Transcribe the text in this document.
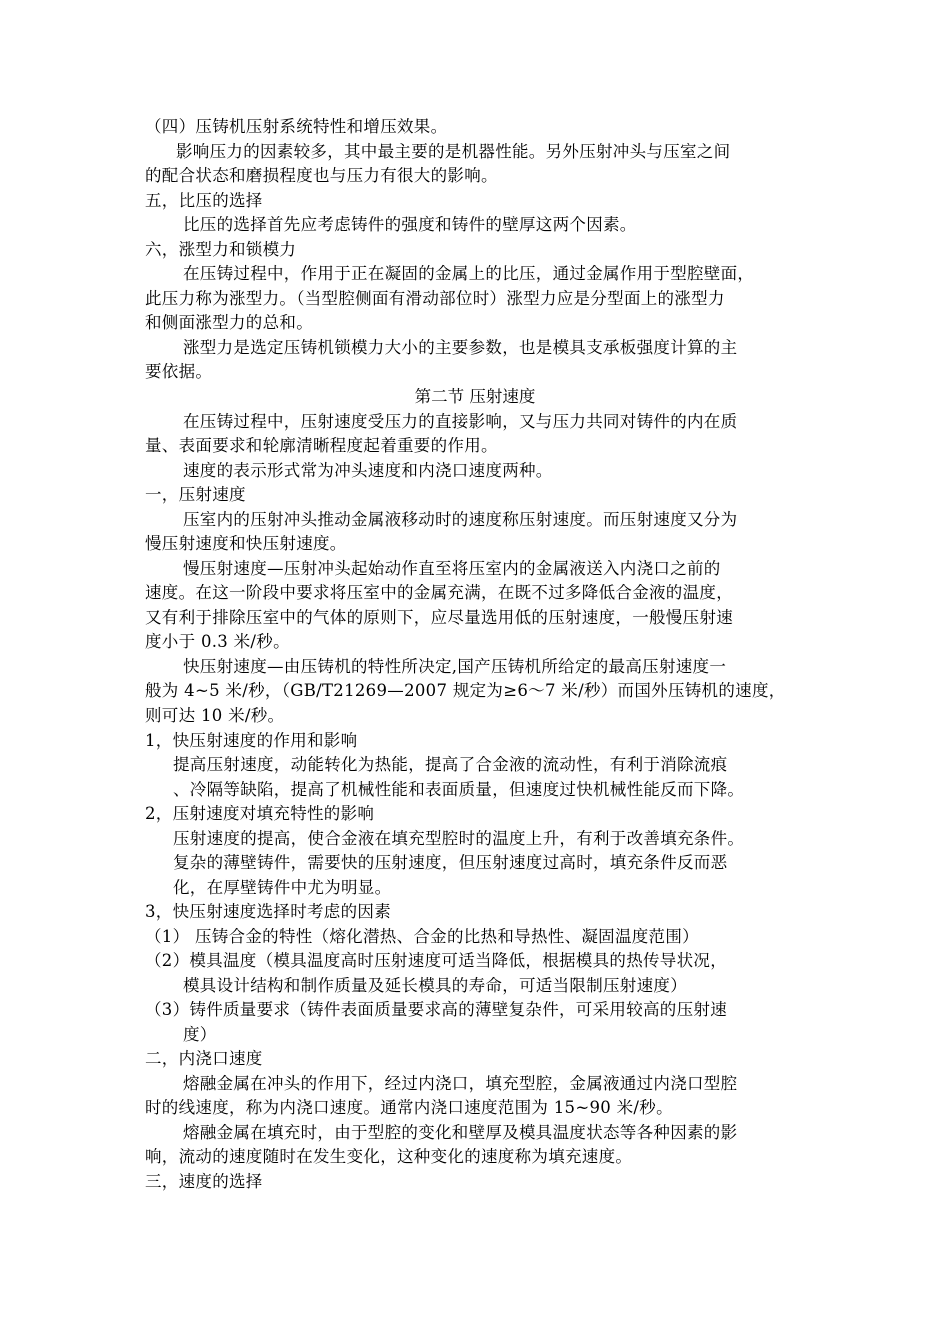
（四）压铸机压射系统特性和增压效果。
影响压力的因素较多，其中最主要的是机器性能。另外压射冲头与压室之间
的配合状态和磨损程度也与压力有很大的影响。
五，比压的选择
比压的选择首先应考虑铸件的强度和铸件的壁厚这两个因素。
六，涨型力和锁模力
在压铸过程中，作用于正在凝固的金属上的比压，通过金属作用于型腔壁面，
此压力称为涨型力。（当型腔侧面有滑动部位时）涨型力应是分型面上的涨型力
和侧面涨型力的总和。
涨型力是选定压铸机锁模力大小的主要参数，也是模具支承板强度计算的主
要依据。
第二节 压射速度
在压铸过程中，压射速度受压力的直接影响，又与压力共同对铸件的内在质
量、表面要求和轮廓清晰程度起着重要的作用。
速度的表示形式常为冲头速度和内浇口速度两种。
一，压射速度
压室内的压射冲头推动金属液移动时的速度称压射速度。而压射速度又分为
慢压射速度和快压射速度。
慢压射速度—压射冲头起始动作直至将压室内的金属液送入内浇口之前的
速度。在这一阶段中要求将压室中的金属充满，在既不过多降低合金液的温度，
又有利于排除压室中的气体的原则下，应尽量选用低的压射速度，一般慢压射速
度小于 0.3 米/秒。
快压射速度—由压铸机的特性所决定,国产压铸机所给定的最高压射速度一
般为 4~5 米/秒，（GB/T21269—2007 规定为≥6～7 米/秒）而国外压铸机的速度，
则可达 10 米/秒。
1，快压射速度的作用和影响
提高压射速度，动能转化为热能，提高了合金液的流动性，有利于消除流痕
、冷隔等缺陷，提高了机械性能和表面质量，但速度过快机械性能反而下降。
2，压射速度对填充特性的影响
压射速度的提高，使合金液在填充型腔时的温度上升，有利于改善填充条件。
复杂的薄壁铸件，需要快的压射速度，但压射速度过高时，填充条件反而恶
化，在厚壁铸件中尤为明显。
3，快压射速度选择时考虑的因素
（1） 压铸合金的特性（熔化潜热、合金的比热和导热性、凝固温度范围）
（2）模具温度（模具温度高时压射速度可适当降低，根据模具的热传导状况，
模具设计结构和制作质量及延长模具的寿命，可适当限制压射速度）
（3）铸件质量要求（铸件表面质量要求高的薄壁复杂件，可采用较高的压射速
度）
二，内浇口速度
熔融金属在冲头的作用下，经过内浇口，填充型腔，金属液通过内浇口型腔
时的线速度，称为内浇口速度。通常内浇口速度范围为 15~90 米/秒。
熔融金属在填充时，由于型腔的变化和壁厚及模具温度状态等各种因素的影
响，流动的速度随时在发生变化，这种变化的速度称为填充速度。
三，速度的选择
